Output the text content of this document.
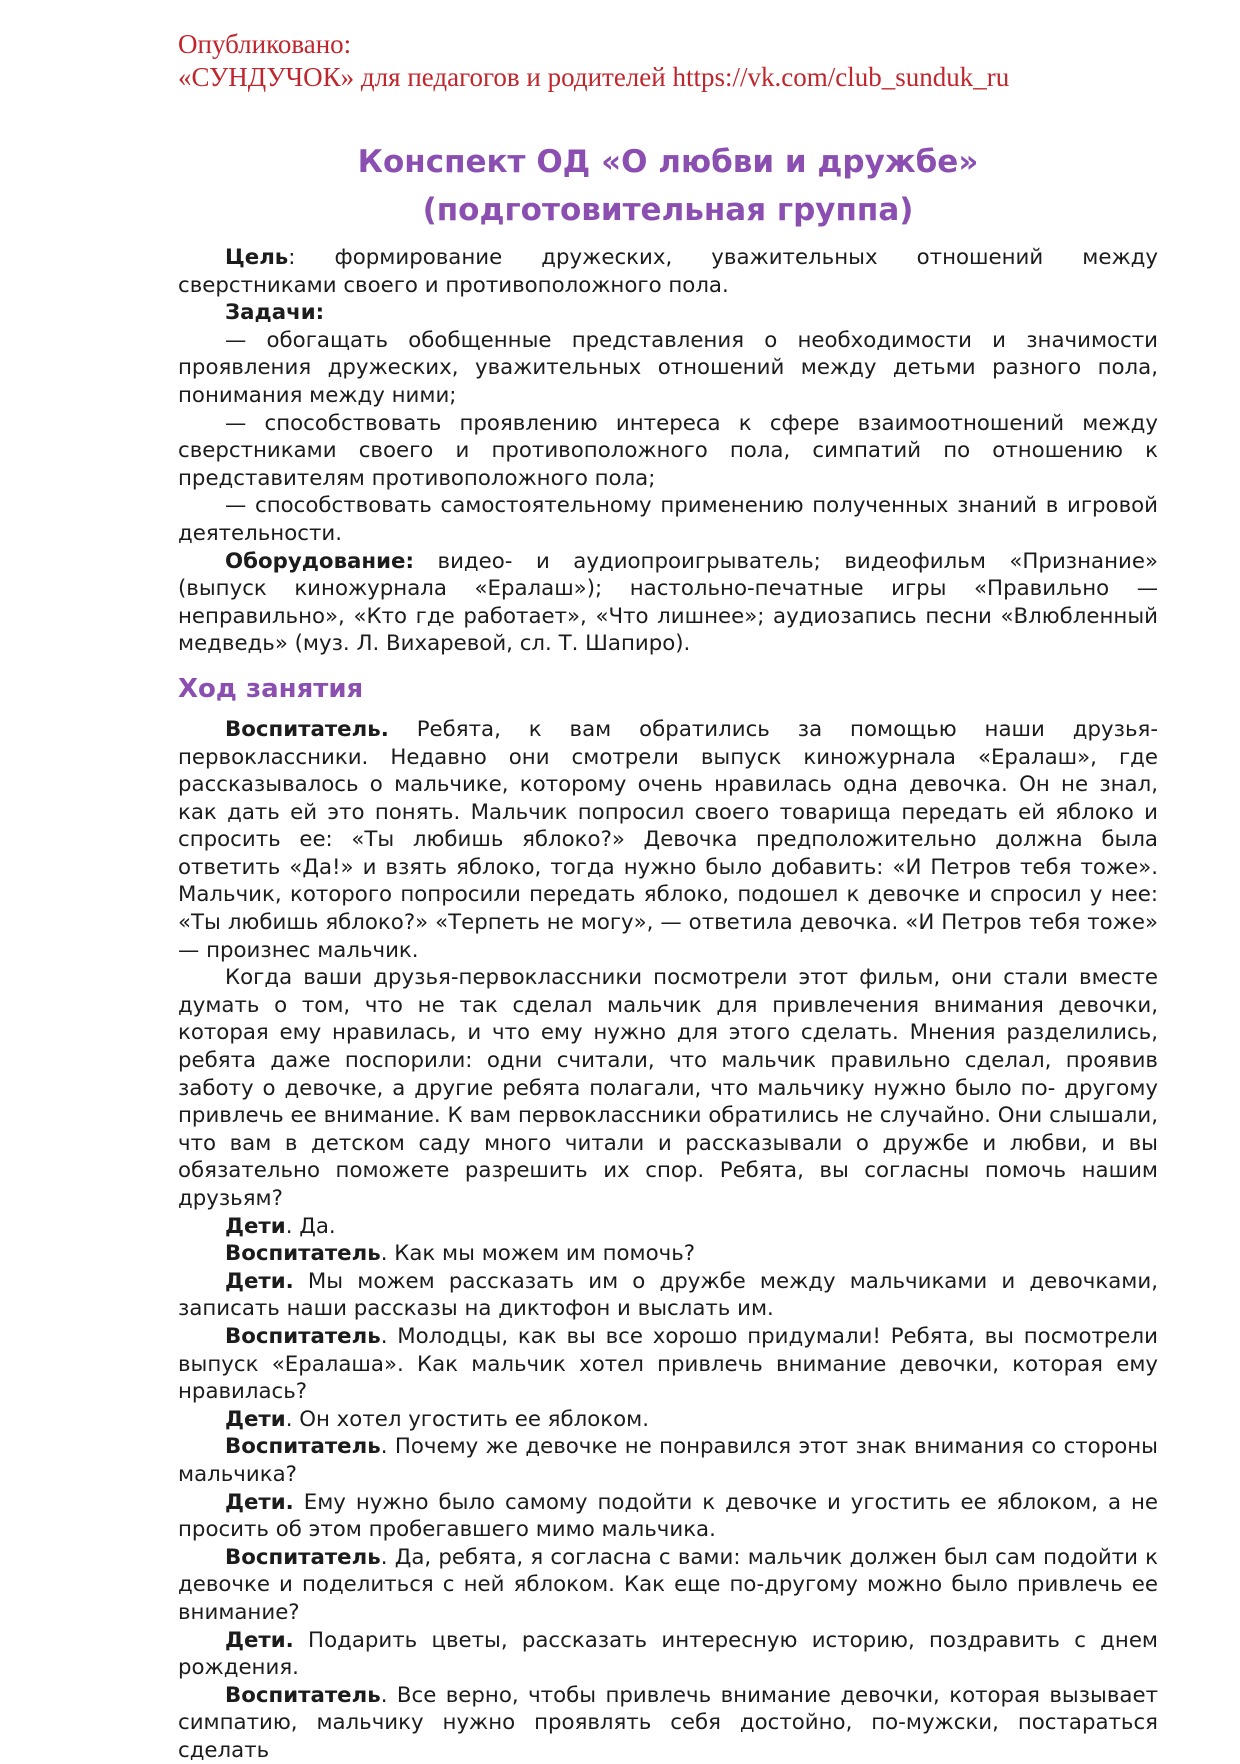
Опубликовано:
«СУНДУЧОК» для педагогов и родителей https://vk.com/club_sunduk_ru
Конспект ОД «О любви и дружбе»
(подготовительная группа)

Цель: формирование дружеских, уважительных отношений между сверстниками своего и противоположного пола.

Задачи:

— обогащать обобщенные представления о необходимости и значимости проявления дружеских, уважительных отношений между детьми разного пола, понимания между ними;

— способствовать проявлению интереса к сфере взаимоотношений между сверстниками своего и противоположного пола, симпатий по отношению к представителям противоположного пола;

— способствовать самостоятельному применению полученных знаний в игровой деятельности.

Оборудование: видео- и аудиопроигрыватель; видеофильм «Признание» (выпуск киножурнала «Ералаш»); настольно-печатные игры «Правильно — неправильно», «Кто где работает», «Что лишнее»; аудиозапись песни «Влюбленный медведь» (муз. Л. Вихаревой, сл. Т. Шапиро).

Ход занятия

Воспитатель. Ребята, к вам обратились за помощью наши друзья-первоклассники. Недавно они смотрели выпуск киножурнала «Ералаш», где рассказывалось о мальчике, которому очень нравилась одна девочка. Он не знал, как дать ей это понять. Мальчик попросил своего товарища передать ей яблоко и спросить ее: «Ты любишь яблоко?» Девочка предположительно должна была ответить «Да!» и взять яблоко, тогда нужно было добавить: «И Петров тебя тоже». Мальчик, которого попросили передать яблоко, подошел к девочке и спросил у нее: «Ты любишь яблоко?» «Терпеть не могу», — ответила девочка. «И Петров тебя тоже» — произнес мальчик.

Когда ваши друзья-первоклассники посмотрели этот фильм, они стали вместе думать о том, что не так сделал мальчик для привлечения внимания девочки, которая ему нравилась, и что ему нужно для этого сделать. Мнения разделились, ребята даже поспорили: одни считали, что мальчик правильно сделал, проявив заботу о девочке, а другие ребята полагали, что мальчику нужно было по- другому привлечь ее внимание. К вам первоклассники обратились не случайно. Они слышали, что вам в детском саду много читали и рассказывали о дружбе и любви, и вы обязательно поможете разрешить их спор. Ребята, вы согласны помочь нашим друзьям?

Дети. Да.

Воспитатель. Как мы можем им помочь?

Дети. Мы можем рассказать им о дружбе между мальчиками и девочками, записать наши рассказы на диктофон и выслать им.

Воспитатель. Молодцы, как вы все хорошо придумали! Ребята, вы посмотрели выпуск «Ералаша». Как мальчик хотел привлечь внимание девочки, которая ему нравилась?

Дети. Он хотел угостить ее яблоком.

Воспитатель. Почему же девочке не понравился этот знак внимания со стороны мальчика?

Дети. Ему нужно было самому подойти к девочке и угостить ее яблоком, а не просить об этом пробегавшего мимо мальчика.

Воспитатель. Да, ребята, я согласна с вами: мальчик должен был сам подойти к девочке и поделиться с ней яблоком. Как еще по-другому можно было привлечь ее внимание?

Дети. Подарить цветы, рассказать интересную историю, поздравить с днем рождения.

Воспитатель. Все верно, чтобы привлечь внимание девочки, которая вызывает симпатию, мальчику нужно проявлять себя достойно, по-мужски, постараться сделать
